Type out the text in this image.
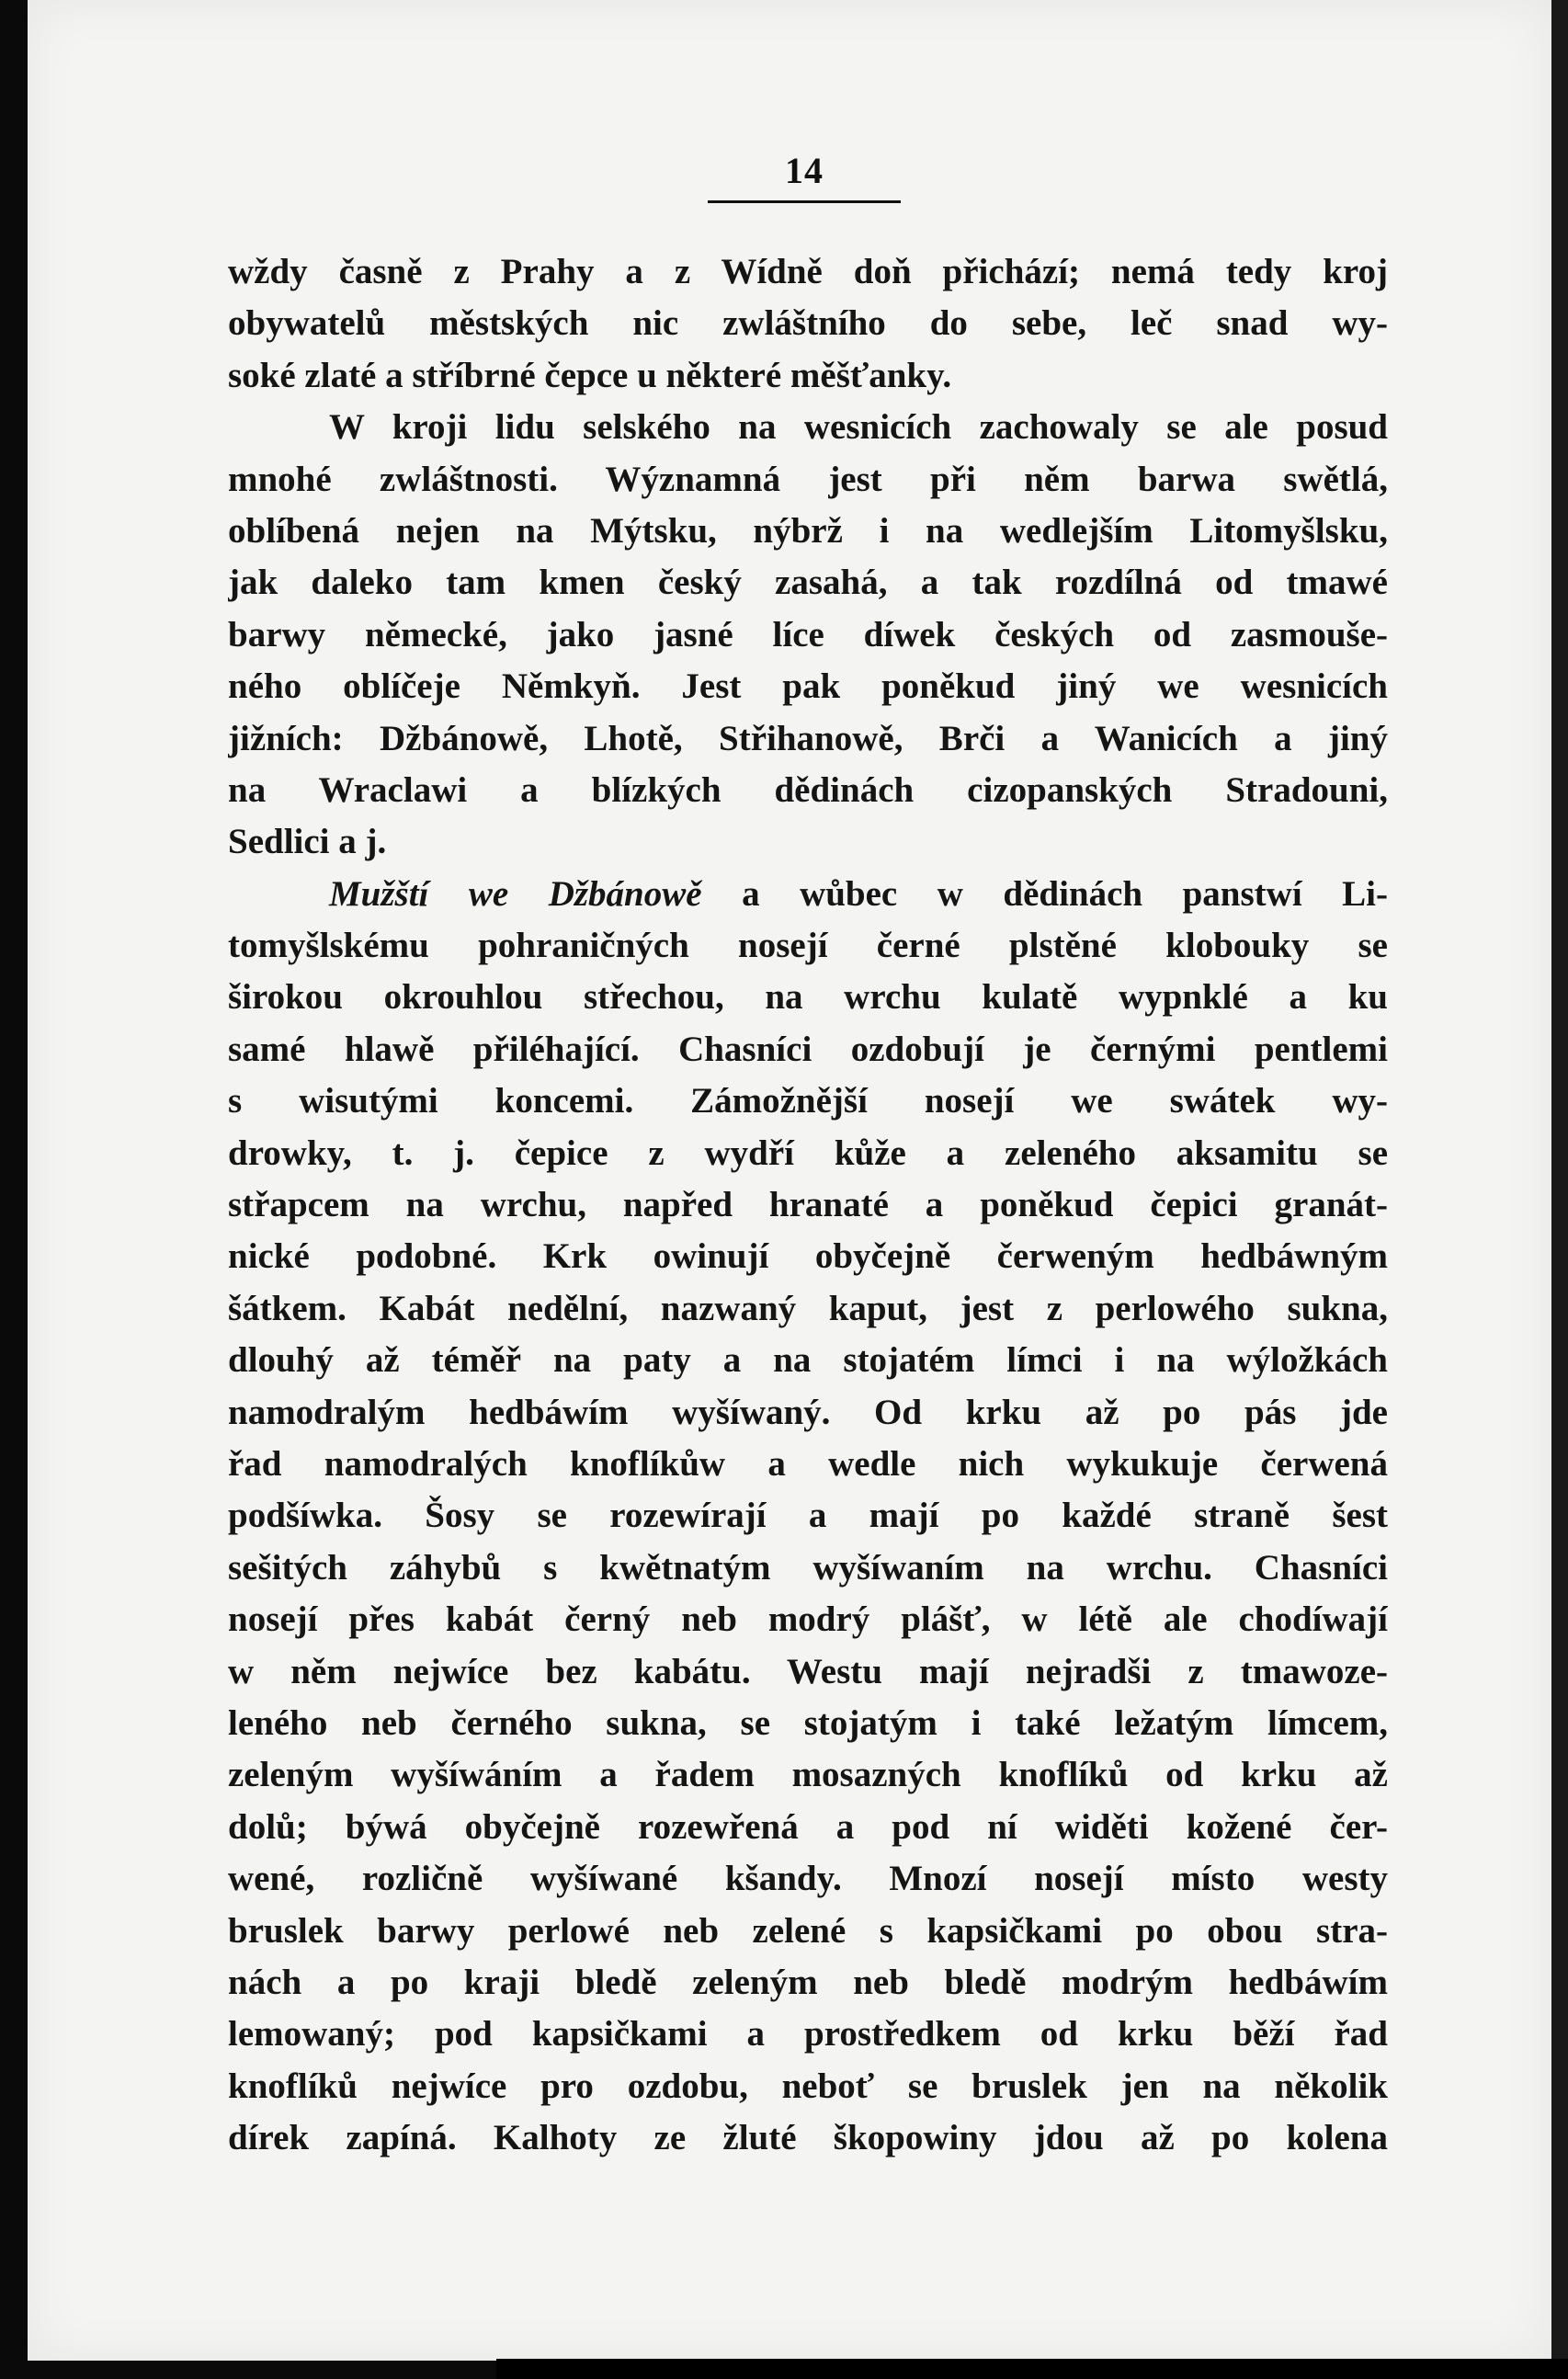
14
wždy časně z Prahy a z Wídně doň přichází; nemá tedy kroj
obywatelů městských nic zwláštního do sebe, leč snad wy-
soké zlaté a stříbrné čepce u některé měšťanky.
W kroji lidu selského na wesnicích zachowaly se ale posud
mnohé zwláštnosti. Wýznamná jest při něm barwa swětlá,
oblíbená nejen na Mýtsku, nýbrž i na wedlejším Litomyšlsku,
jak daleko tam kmen český zasahá, a tak rozdílná od tmawé
barwy německé, jako jasné líce díwek českých od zasmouše-
ného oblíčeje Němkyň. Jest pak poněkud jiný we wesnicích
jižních: Džbánowě, Lhotě, Střihanowě, Brči a Wanicích a jiný
na Wraclawi a blízkých dědinách cizopanských Stradouni,
Sedlici a j.
Mužští we Džbánowě a wůbec w dědinách panstwí Li-
tomyšlskému pohraničných nosejí černé plstěné klobouky se
širokou okrouhlou střechou, na wrchu kulatě wypnklé a ku
samé hlawě přiléhající. Chasníci ozdobují je černými pentlemi
s wisutými koncemi. Zámožnější nosejí we swátek wy-
drowky, t. j. čepice z wydří kůže a zeleného aksamitu se
střapcem na wrchu, napřed hranaté a poněkud čepici granát-
nické podobné. Krk owinují obyčejně čerweným hedbáwným
šátkem. Kabát nedělní, nazwaný kaput, jest z perlowého sukna,
dlouhý až téměř na paty a na stojatém límci i na wýložkách
namodralým hedbáwím wyšíwaný. Od krku až po pás jde
řad namodralých knoflíkůw a wedle nich wykukuje čerwená
podšíwka. Šosy se rozewírají a mají po každé straně šest
sešitých záhybů s kwětnatým wyšíwaním na wrchu. Chasníci
nosejí přes kabát černý neb modrý plášť, w létě ale chodíwají
w něm nejwíce bez kabátu. Westu mají nejradši z tmawoze-
leného neb černého sukna, se stojatým i také ležatým límcem,
zeleným wyšíwáním a řadem mosazných knoflíků od krku až
dolů; býwá obyčejně rozewřená a pod ní widěti kožené čer-
wené, rozličně wyšíwané kšandy. Mnozí nosejí místo westy
bruslek barwy perlowé neb zelené s kapsičkami po obou stra-
nách a po kraji bledě zeleným neb bledě modrým hedbáwím
lemowaný; pod kapsičkami a prostředkem od krku běží řad
knoflíků nejwíce pro ozdobu, neboť se bruslek jen na několik
dírek zapíná. Kalhoty ze žluté škopowiny jdou až po kolena
